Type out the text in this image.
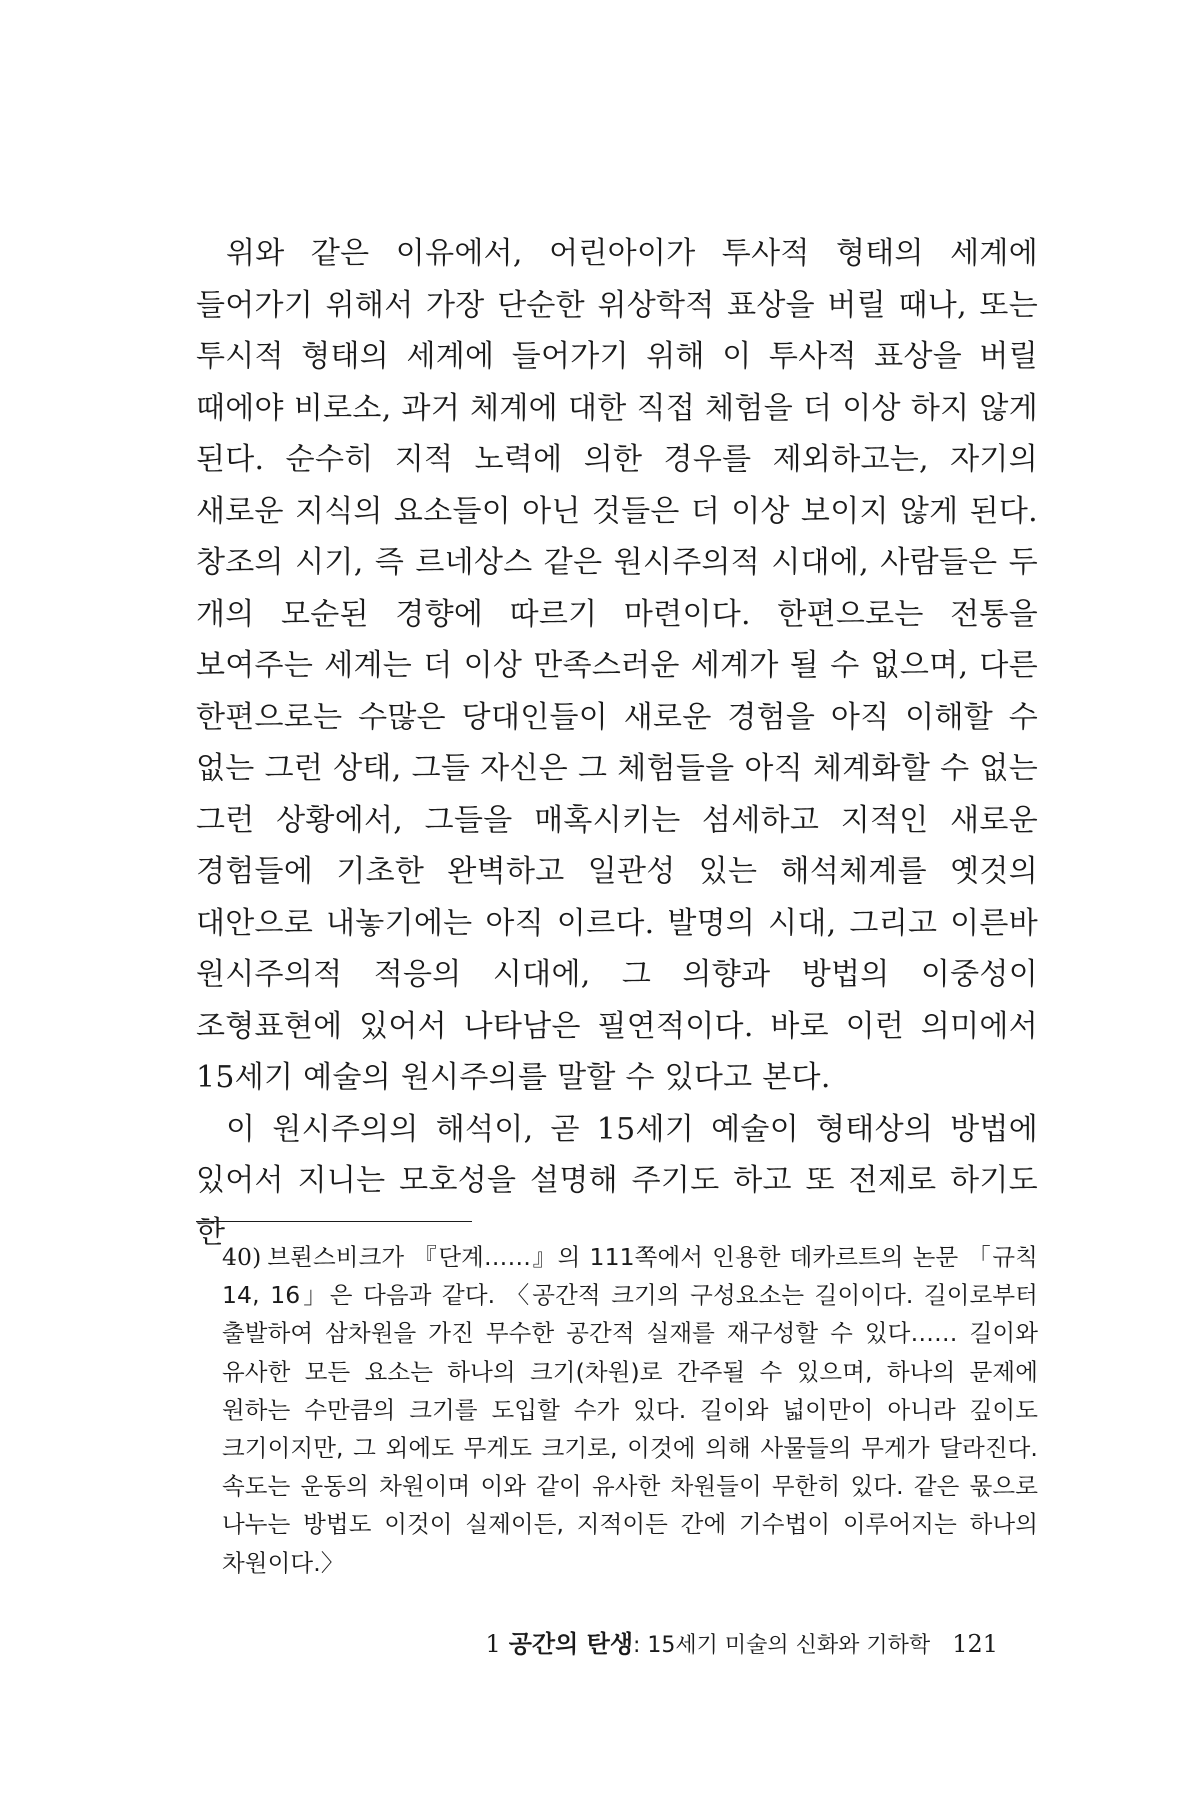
위와 같은 이유에서, 어린아이가 투사적 형태의 세계에 들어가기 위해서 가장 단순한 위상학적 표상을 버릴 때나, 또는 투시적 형태의 세계에 들어가기 위해 이 투사적 표상을 버릴 때에야 비로소, 과거 체계에 대한 직접 체험을 더 이상 하지 않게 된다. 순수히 지적 노력에 의한 경우를 제외하고는, 자기의 새로운 지식의 요소들이 아닌 것들은 더 이상 보이지 않게 된다. 창조의 시기, 즉 르네상스 같은 원시주의적 시대에, 사람들은 두 개의 모순된 경향에 따르기 마련이다. 한편으로는 전통을 보여주는 세계는 더 이상 만족스러운 세계가 될 수 없으며, 다른 한편으로는 수많은 당대인들이 새로운 경험을 아직 이해할 수 없는 그런 상태, 그들 자신은 그 체험들을 아직 체계화할 수 없는 그런 상황에서, 그들을 매혹시키는 섬세하고 지적인 새로운 경험들에 기초한 완벽하고 일관성 있는 해석체계를 옛것의 대안으로 내놓기에는 아직 이르다. 발명의 시대, 그리고 이른바 원시주의적 적응의 시대에, 그 의향과 방법의 이중성이 조형표현에 있어서 나타남은 필연적이다. 바로 이런 의미에서 15세기 예술의 원시주의를 말할 수 있다고 본다.

이 원시주의의 해석이, 곧 15세기 예술이 형태상의 방법에 있어서 지니는 모호성을 설명해 주기도 하고 또 전제로 하기도 한

40) 브뢴스비크가 『단계……』의 111쪽에서 인용한 데카르트의 논문 「규칙 14, 16」은 다음과 같다. 〈공간적 크기의 구성요소는 길이이다. 길이로부터 출발하여 삼차원을 가진 무수한 공간적 실재를 재구성할 수 있다…… 길이와 유사한 모든 요소는 하나의 크기(차원)로 간주될 수 있으며, 하나의 문제에 원하는 수만큼의 크기를 도입할 수가 있다. 길이와 넓이만이 아니라 깊이도 크기이지만, 그 외에도 무게도 크기로, 이것에 의해 사물들의 무게가 달라진다. 속도는 운동의 차원이며 이와 같이 유사한 차원들이 무한히 있다. 같은 몫으로 나누는 방법도 이것이 실제이든, 지적이든 간에 기수법이 이루어지는 하나의 차원이다.〉
1 공간의 탄생: 15세기 미술의 신화와 기하학 121
